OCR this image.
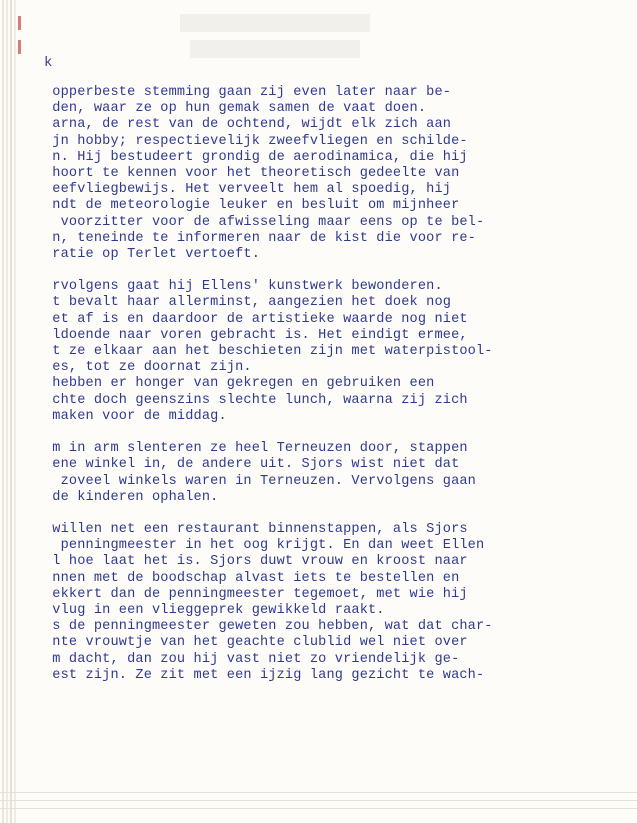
k
opperbeste stemming gaan zij even later naar be-
den, waar ze op hun gemak samen de vaat doen.
arna, de rest van de ochtend, wijdt elk zich aan
jn hobby; respectievelijk zweefvliegen en schilde-
n. Hij bestudeert grondig de aerodinamica, die hij
hoort te kennen voor het theoretisch gedeelte van
eefvliegbewijs. Het verveelt hem al spoedig, hij
ndt de meteorologie leuker en besluit om mijnheer
voorzitter voor de afwisseling maar eens op te bel-
n, teneinde te informeren naar de kist die voor re-
ratie op Terlet vertoeft.
rvolgens gaat hij Ellens' kunstwerk bewonderen.
t bevalt haar allerminst, aangezien het doek nog
et af is en daardoor de artistieke waarde nog niet
ldoende naar voren gebracht is. Het eindigt ermee,
t ze elkaar aan het beschieten zijn met waterpistool-
es, tot ze doornat zijn.
hebben er honger van gekregen en gebruiken een
chte doch geenszins slechte lunch, waarna zij zich
maken voor de middag.
m in arm slenteren ze heel Terneuzen door, stappen
ene winkel in, de andere uit. Sjors wist niet dat
zoveel winkels waren in Terneuzen. Vervolgens gaan
de kinderen ophalen.
willen net een restaurant binnenstappen, als Sjors
penningmeester in het oog krijgt. En dan weet Ellen
l hoe laat het is. Sjors duwt vrouw en kroost naar
nnen met de boodschap alvast iets te bestellen en
ekkert dan de penningmeester tegemoet, met wie hij
vlug in een vlieggeprek gewikkeld raakt.
s de penningmeester geweten zou hebben, wat dat char-
nte vrouwtje van het geachte clublid wel niet over
m dacht, dan zou hij vast niet zo vriendelijk ge-
est zijn. Ze zit met een ijzig lang gezicht te wach-
